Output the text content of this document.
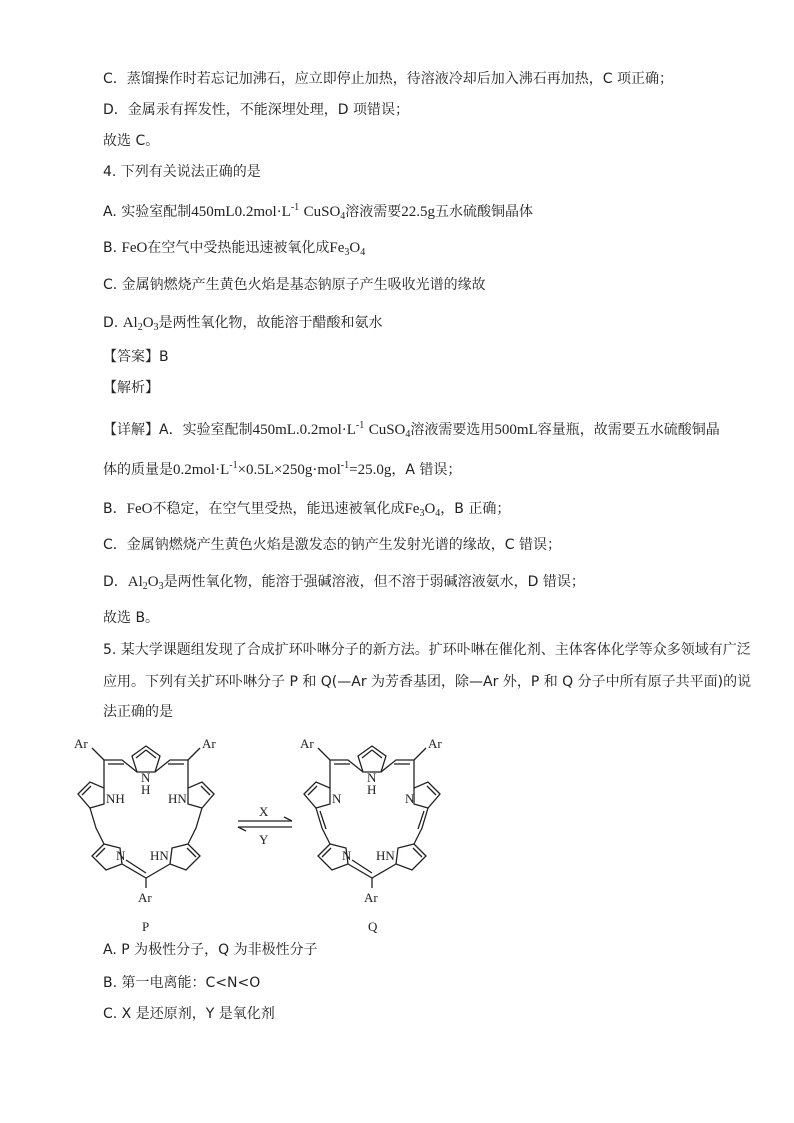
C．蒸馏操作时若忘记加沸石，应立即停止加热，待溶液冷却后加入沸石再加热，C 项正确；
D．金属汞有挥发性，不能深埋处理，D 项错误；
故选 C。
4. 下列有关说法正确的是
A. 实验室配制$450mL0.2mol\cdot L^{-1}$ CuSO$_4$溶液需要22.5g五水硫酸铜晶体
B. FeO在空气中受热能迅速被氧化成$Fe_3O_4$
C. 金属钠燃烧产生黄色火焰是基态钠原子产生吸收光谱的缘故
D. $Al_2O_3$是两性氧化物，故能溶于醋酸和氨水
【答案】B
【解析】
【详解】A．实验室配制$450mL.0.2mol\cdot L^{-1}$ CuSO$_4$溶液需要选用500mL容量瓶，故需要五水硫酸铜晶
体的质量是$0.2mol\cdot L^{-1}\times 0.5L\times 250g\cdot mol^{-1}=25.0g$，A 错误；
B．FeO不稳定，在空气里受热，能迅速被氧化成$Fe_3O_4$，B 正确；
C．金属钠燃烧产生黄色火焰是激发态的钠产生发射光谱的缘故，C 错误；
D．$Al_2O_3$是两性氧化物，能溶于强碱溶液，但不溶于弱碱溶液氨水，D 错误；
故选 B。
5. 某大学课题组发现了合成扩环卟啉分子的新方法。扩环卟啉在催化剂、主体客体化学等众多领域有广泛
应用。下列有关扩环卟啉分子 P 和 Q(—Ar 为芳香基团，除—Ar 外，P 和 Q 分子中所有原子共平面)的说
法正确的是
Ar	Ar
N
H
NH	HN
N HN
Ar
P
X
Y
Ar	Ar
N
H
N	N
N HN
Ar
Q
A. P 为极性分子，Q 为非极性分子
B. 第一电离能：C<N<O
C. X 是还原剂，Y 是氧化剂
